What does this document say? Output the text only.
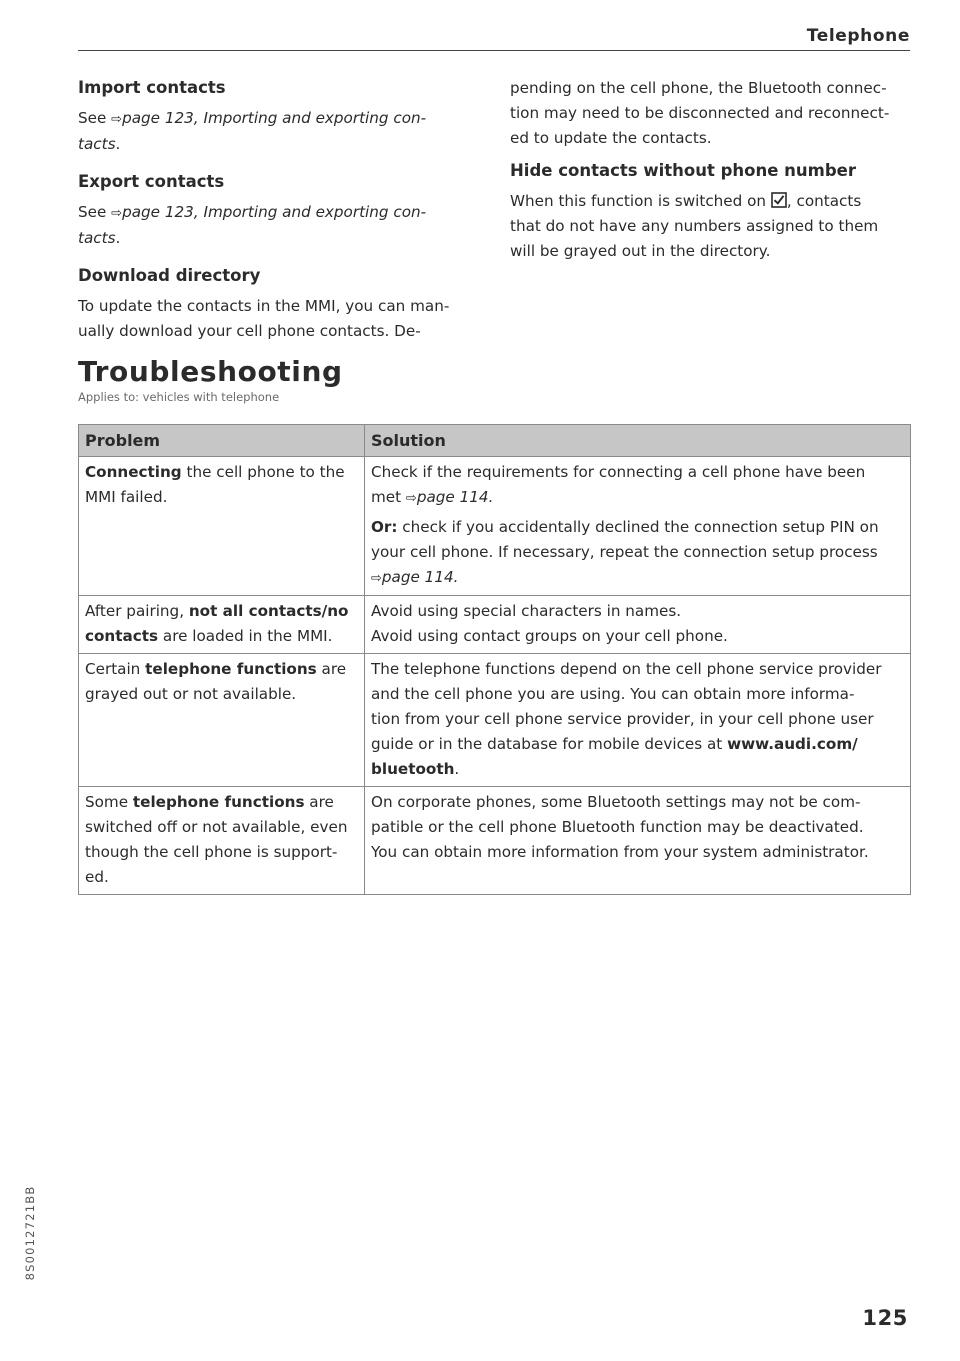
Telephone
Import contacts

See ⇨page 123, Importing and exporting con-
tacts.

Export contacts

See ⇨page 123, Importing and exporting con-
tacts.

Download directory

To update the contacts in the MMI, you can man-
ually download your cell phone contacts. De-

pending on the cell phone, the Bluetooth connec-
tion may need to be disconnected and reconnect-
ed to update the contacts.

Hide contacts without phone number

When this function is switched on , contacts
that do not have any numbers assigned to them
will be grayed out in the directory.

Troubleshooting
Applies to: vehicles with telephone
Problem	Solution

Connecting the cell phone to the
MMI failed.	Check if the requirements for connecting a cell phone have been
met ⇨page 114.
Or: check if you accidentally declined the connection setup PIN on
your cell phone. If necessary, repeat the connection setup process
⇨page 114.

After pairing, not all contacts/no
contacts are loaded in the MMI.	Avoid using special characters in names.
Avoid using contact groups on your cell phone.

Certain telephone functions are
grayed out or not available.	The telephone functions depend on the cell phone service provider
and the cell phone you are using. You can obtain more informa-
tion from your cell phone service provider, in your cell phone user
guide or in the database for mobile devices at www.audi.com/
bluetooth.

Some telephone functions are
switched off or not available, even
though the cell phone is support-
ed.	On corporate phones, some Bluetooth settings may not be com-
patible or the cell phone Bluetooth function may be deactivated.
You can obtain more information from your system administrator.
8S0012721BB
125
